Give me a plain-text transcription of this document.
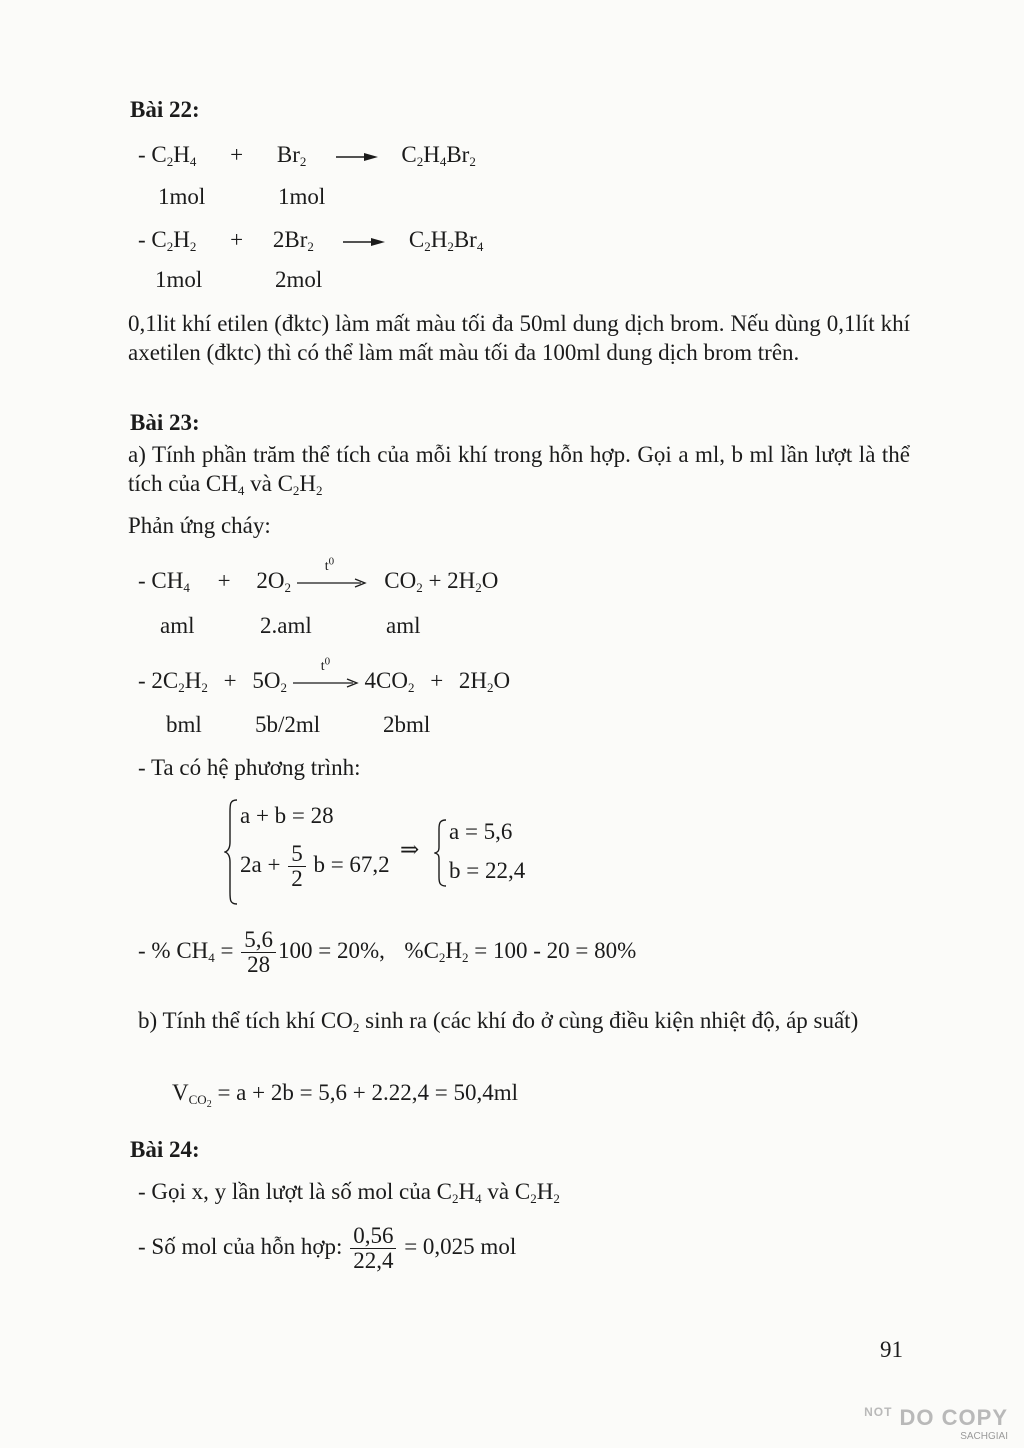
Bài 22:
- $C_2H_4 + Br_2$	$C_2H_4Br_2$
1mol	1mol
- $C_2H_2 + 2Br_2$	$C_2H_2Br_4$
1mol	2mol
0,1lit khí etilen (đktc) làm mất màu tối đa 50ml dung dịch brom. Nếu dùng 0,1lít khí axetilen (đktc) thì có thể làm mất màu tối đa 100ml dung dịch brom trên.
Bài 23:
a) Tính phần trăm thể tích của mỗi khí trong hỗn hợp. Gọi a ml, b ml lần lượt là thể tích của $CH_4$ và $C_2H_2$
Phản ứng cháy:
- $CH_4 + 2O_2$
$t^0$
$CO_2 + 2H_2O$
aml	2.aml	aml
- $2C_2H_2 + 5O_2$
$t^0$
$4CO_2 + 2H_2O$
bml 5b/2ml	2bml
- Ta có hệ phương trình:
a + b = 28
$2a + \frac{5}{2}$ b = 67,2
⇒
a = 5,6
b = 22,4
- % $CH_4 = \frac{5,6}{28} 100 = 20\%$, $\%C_2H_2 = 100 - 20 = 80\%$
b) Tính thể tích khí $CO_2$ sinh ra (các khí đo ở cùng điều kiện nhiệt độ, áp suất)
$V_{CO_2} = a + 2b = 5,6 + 2.22,4 = 50,4ml$
Bài 24:
- Gọi x, y lần lượt là số mol của $C_2H_4$ và $C_2H_2$
- Số mol của hỗn hợp: $\frac{0,56}{22,4} = 0,025$ mol
91
$^{NOT}$ DO COPY
SACHGIAI
